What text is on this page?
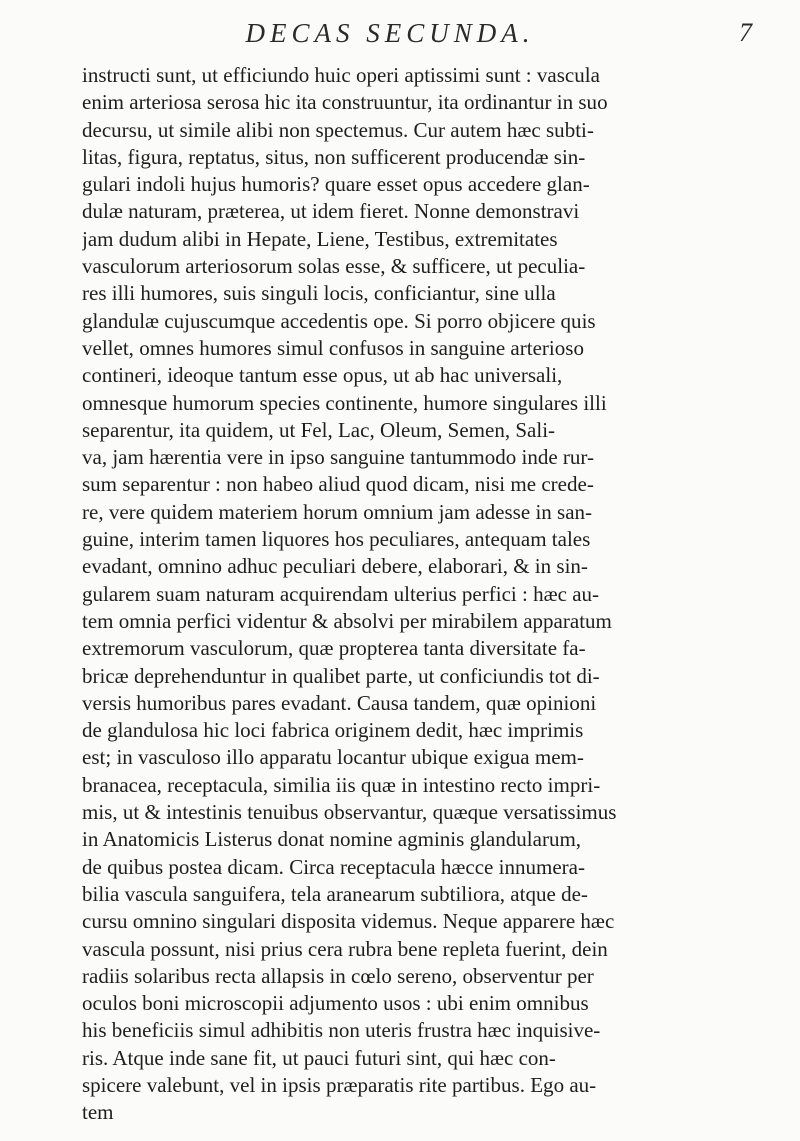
DECAS SECUNDA.	7
instructi sunt, ut efficiundo huic operi aptissimi sunt : vascula
enim arteriosa serosa hic ita construuntur, ita ordinantur in suo
decursu, ut simile alibi non spectemus. Cur autem hæc subti-
litas, figura, reptatus, situs, non sufficerent producendæ sin-
gulari indoli hujus humoris? quare esset opus accedere glan-
dulæ naturam, præterea, ut idem fieret. Nonne demonstravi
jam dudum alibi in Hepate, Liene, Testibus, extremitates
vasculorum arteriosorum solas esse, & sufficere, ut peculia-
res illi humores, suis singuli locis, conficiantur, sine ulla
glandulæ cujuscumque accedentis ope. Si porro objicere quis
vellet, omnes humores simul confusos in sanguine arterioso
contineri, ideoque tantum esse opus, ut ab hac universali,
omnesque humorum species continente, humore singulares illi
separentur, ita quidem, ut Fel, Lac, Oleum, Semen, Sali-
va, jam hærentia vere in ipso sanguine tantummodo inde rur-
sum separentur : non habeo aliud quod dicam, nisi me crede-
re, vere quidem materiem horum omnium jam adesse in san-
guine, interim tamen liquores hos peculiares, antequam tales
evadant, omnino adhuc peculiari debere, elaborari, & in sin-
gularem suam naturam acquirendam ulterius perfici : hæc au-
tem omnia perfici videntur & absolvi per mirabilem apparatum
extremorum vasculorum, quæ propterea tanta diversitate fa-
bricæ deprehenduntur in qualibet parte, ut conficiundis tot di-
versis humoribus pares evadant. Causa tandem, quæ opinioni
de glandulosa hic loci fabrica originem dedit, hæc imprimis
est; in vasculoso illo apparatu locantur ubique exigua mem-
branacea, receptacula, similia iis quæ in intestino recto impri-
mis, ut & intestinis tenuibus observantur, quæque versatissimus
in Anatomicis Listerus donat nomine agminis glandularum,
de quibus postea dicam. Circa receptacula hæcce innumera-
bilia vascula sanguifera, tela aranearum subtiliora, atque de-
cursu omnino singulari disposita videmus. Neque apparere hæc
vascula possunt, nisi prius cera rubra bene repleta fuerint, dein
radiis solaribus recta allapsis in cœlo sereno, observentur per
oculos boni microscopii adjumento usos : ubi enim omnibus
his beneficiis simul adhibitis non uteris frustra hæc inquisive-
ris. Atque inde sane fit, ut pauci futuri sint, qui hæc con-
spicere valebunt, vel in ipsis præparatis rite partibus. Ego au-
tem
